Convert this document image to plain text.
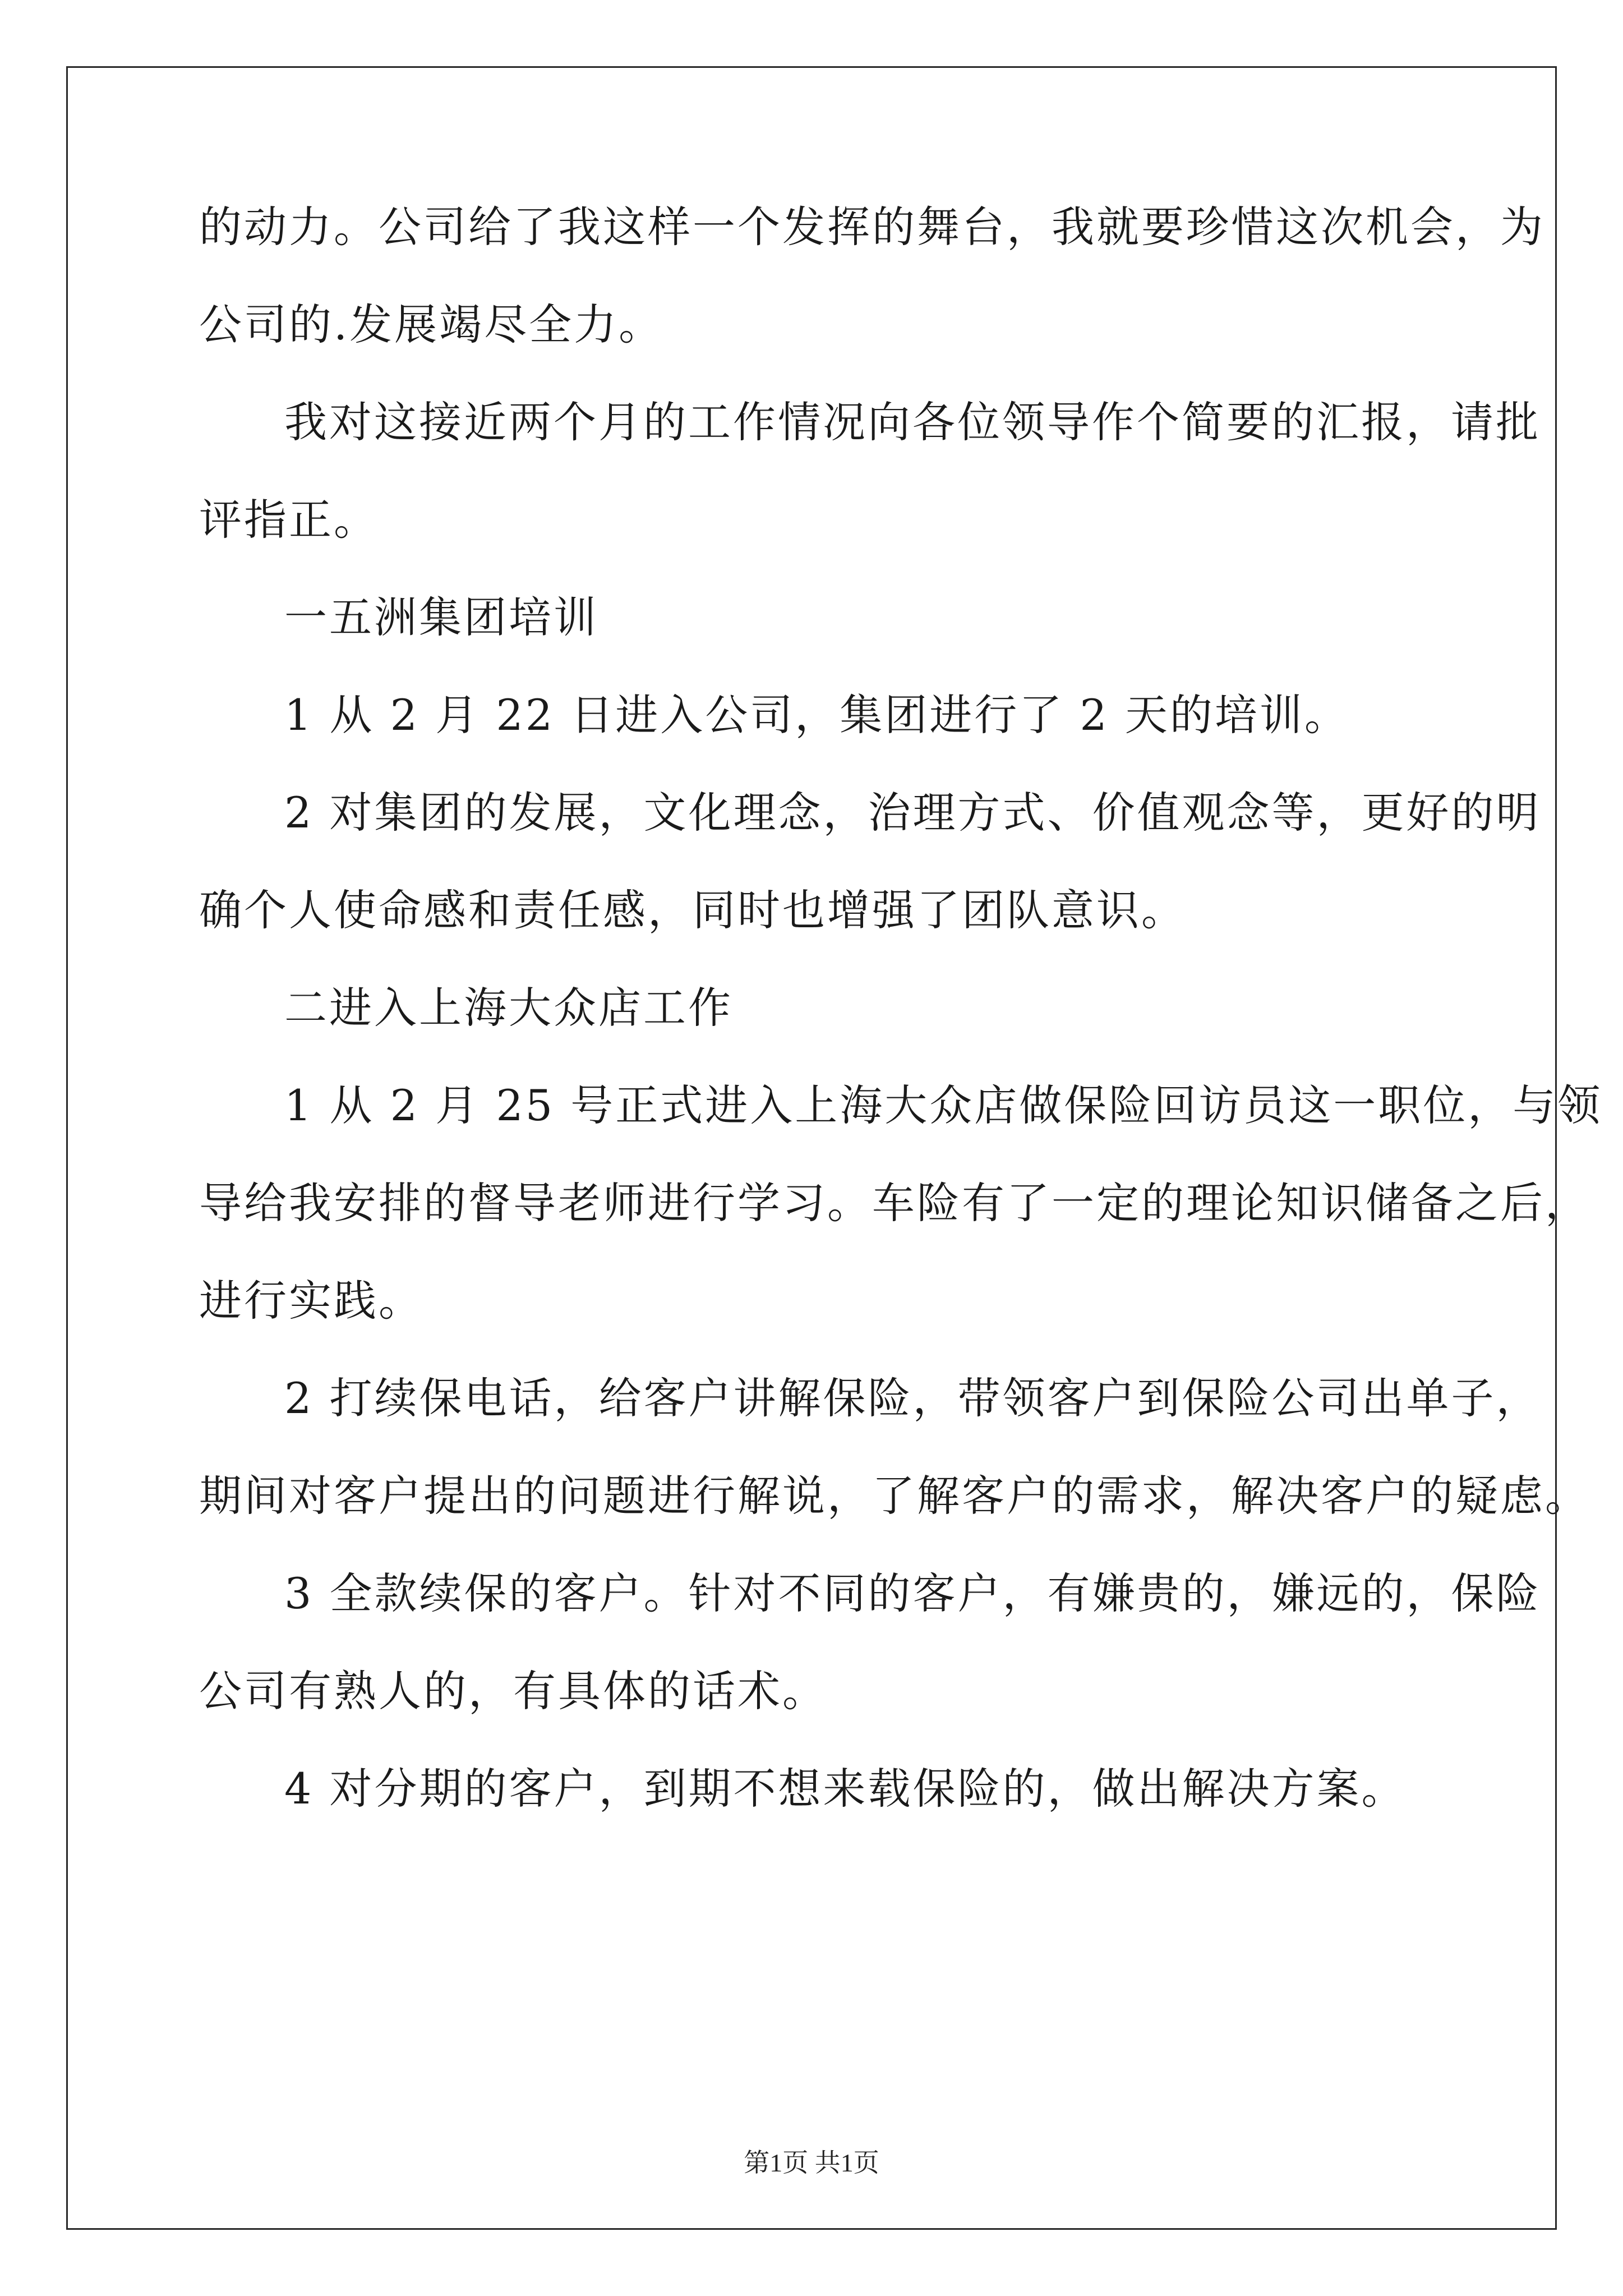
的动力。公司给了我这样一个发挥的舞台，我就要珍惜这次机会，为

公司的.发展竭尽全力。

我对这接近两个月的工作情况向各位领导作个简要的汇报，请批

评指正。

一五洲集团培训

1 从 2 月 22 日进入公司，集团进行了 2 天的培训。

2 对集团的发展，文化理念，治理方式、价值观念等，更好的明

确个人使命感和责任感，同时也增强了团队意识。

二进入上海大众店工作

1 从 2 月 25 号正式进入上海大众店做保险回访员这一职位，与领

导给我安排的督导老师进行学习。车险有了一定的理论知识储备之后，

进行实践。

2 打续保电话，给客户讲解保险，带领客户到保险公司出单子，

期间对客户提出的问题进行解说，了解客户的需求，解决客户的疑虑。

3 全款续保的客户。针对不同的客户，有嫌贵的，嫌远的，保险

公司有熟人的，有具体的话术。

4 对分期的客户，到期不想来载保险的，做出解决方案。

第1页 共1页
